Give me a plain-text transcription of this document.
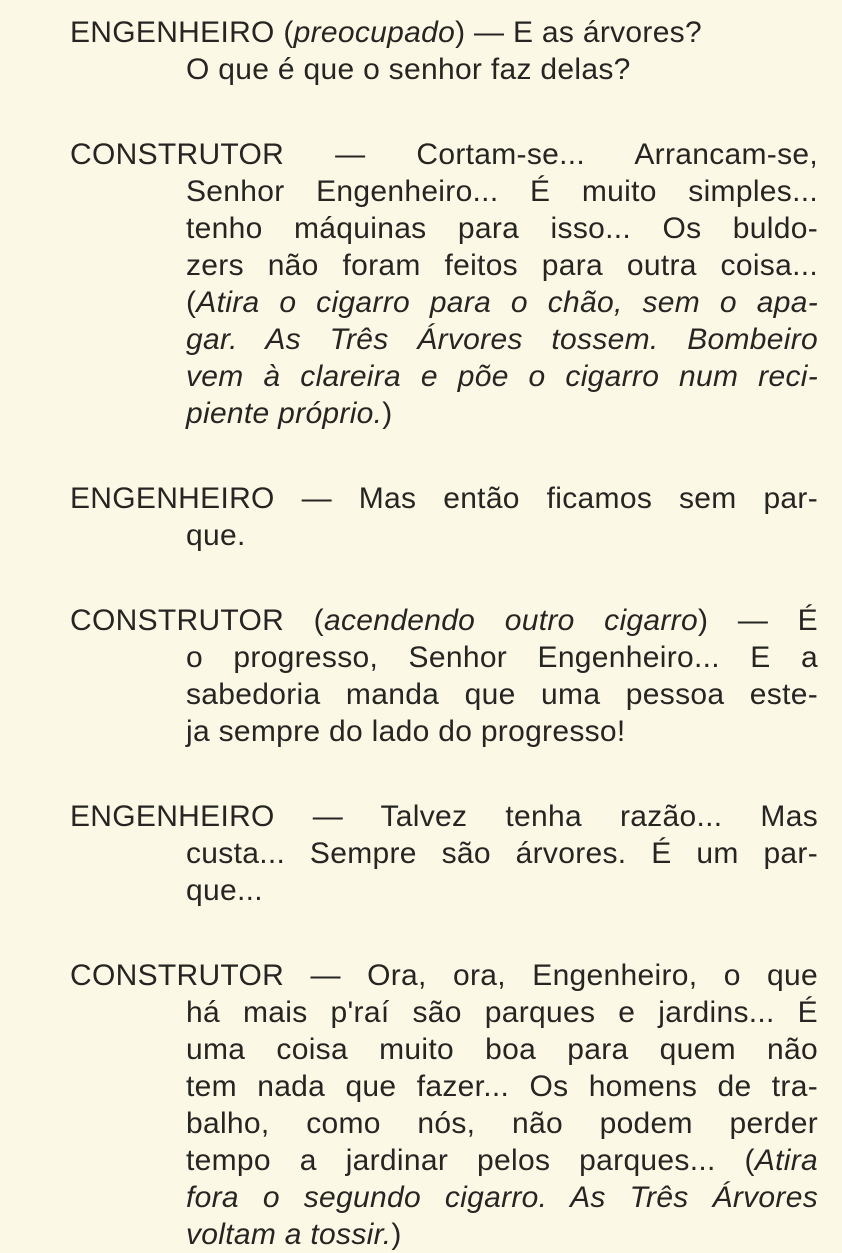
ENGENHEIRO (preocupado) — E as árvores?
O que é que o senhor faz delas?
CONSTRUTOR — Cortam-se... Arrancam-se,
Senhor Engenheiro... É muito simples...
tenho máquinas para isso... Os buldo-
zers não foram feitos para outra coisa...
(Atira o cigarro para o chão, sem o apa-
gar. As Três Árvores tossem. Bombeiro
vem à clareira e põe o cigarro num reci-
piente próprio.)
ENGENHEIRO — Mas então ficamos sem par-
que.
CONSTRUTOR (acendendo outro cigarro) — É
o progresso, Senhor Engenheiro... E a
sabedoria manda que uma pessoa este-
ja sempre do lado do progresso!
ENGENHEIRO — Talvez tenha razão... Mas
custa... Sempre são árvores. É um par-
que...
CONSTRUTOR — Ora, ora, Engenheiro, o que
há mais p'raí são parques e jardins... É
uma coisa muito boa para quem não
tem nada que fazer... Os homens de tra-
balho, como nós, não podem perder
tempo a jardinar pelos parques... (Atira
fora o segundo cigarro. As Três Árvores
voltam a tossir.)
